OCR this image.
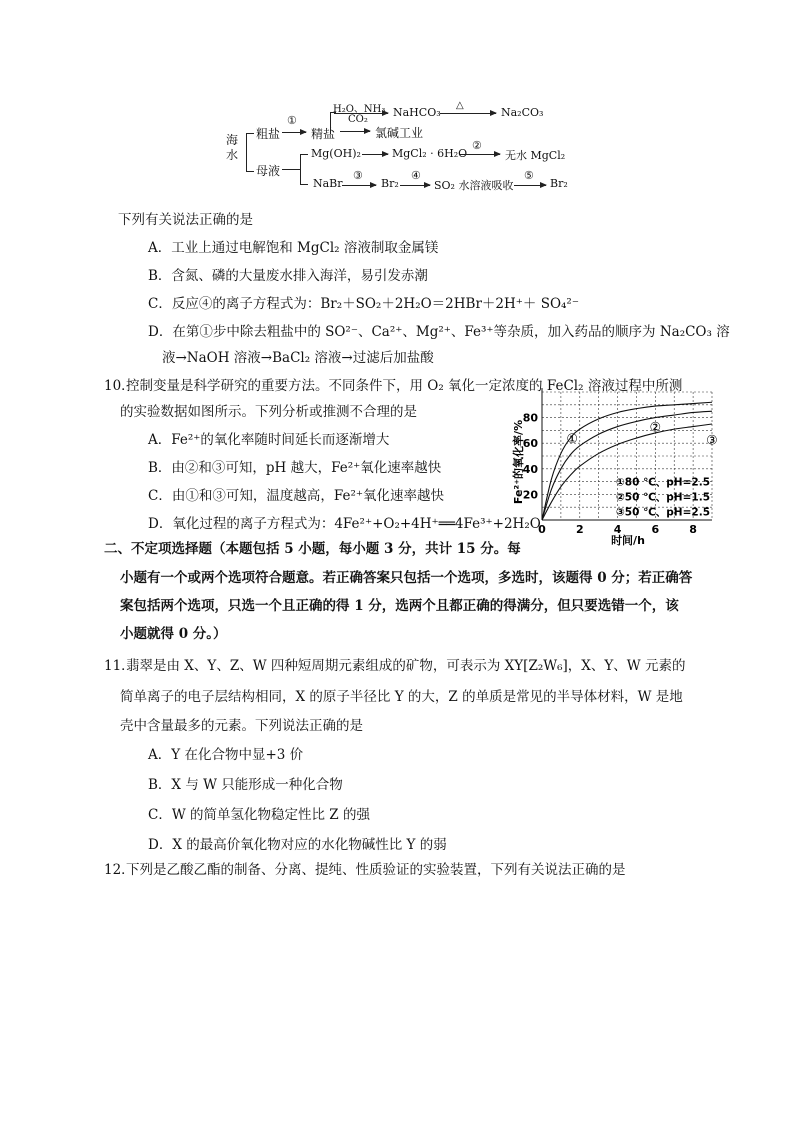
海水
粗盐
①
精盐
H₂O、NH₃
CO₂
NaHCO₃
△
Na₂CO₃
氯碱工业
母液
Mg(OH)₂	MgCl₂ · 6H₂O
②
无水 MgCl₂
NaBr
③
Br₂
④
SO₂ 水溶液吸收
⑤
Br₂
下列有关说法正确的是
A．工业上通过电解饱和 MgCl₂ 溶液制取金属镁
B．含氮、磷的大量废水排入海洋，易引发赤潮
C．反应④的离子方程式为：Br₂＋SO₂＋2H₂O＝2HBr＋2H⁺＋ SO₄²⁻
D．在第①步中除去粗盐中的 SO²⁻、Ca²⁺、Mg²⁺、Fe³⁺等杂质，加入药品的顺序为 Na₂CO₃ 溶
液→NaOH 溶液→BaCl₂ 溶液→过滤后加盐酸
10．
控制变量是科学研究的重要方法。不同条件下，用 O₂ 氧化一定浓度的 FeCl₂ 溶液过程中所测
的实验数据如图所示。下列分析或推测不合理的是
A．Fe²⁺的氧化率随时间延长而逐渐增大
B．由②和③可知，pH 越大，Fe²⁺氧化速率越快
C．由①和③可知，温度越高，Fe²⁺氧化速率越快
D．氧化过程的离子方程式为：4Fe²⁺+O₂+4H⁺══4Fe³⁺+2H₂O
0	2	4	6	8
20
40
60
80
①
②
③
①80 ℃、pH=2.5
②50 ℃、pH=1.5
③50 ℃、pH=2.5
Fe²⁺的氧化率/%
时间/h
二、不定项选择题（本题包括 5 小题，每小题 3 分，共计 15 分。每
小题有一个或两个选项符合题意。若正确答案只包括一个选项，多选时，该题得 0 分；若正确答
案包括两个选项，只选一个且正确的得 1 分，选两个且都正确的得满分，但只要选错一个，该
小题就得 0 分。）
11．
翡翠是由 X、Y、Z、W 四种短周期元素组成的矿物，可表示为 XY[Z₂W₆]，X、Y、W 元素的
简单离子的电子层结构相同，X 的原子半径比 Y 的大，Z 的单质是常见的半导体材料，W 是地
壳中含量最多的元素。下列说法正确的是
A．Y 在化合物中显+3 价
B．X 与 W 只能形成一种化合物
C．W 的简单氢化物稳定性比 Z 的强
D．X 的最高价氧化物对应的水化物碱性比 Y 的弱
12．
下列是乙酸乙酯的制备、分离、提纯、性质验证的实验装置，下列有关说法正确的是
